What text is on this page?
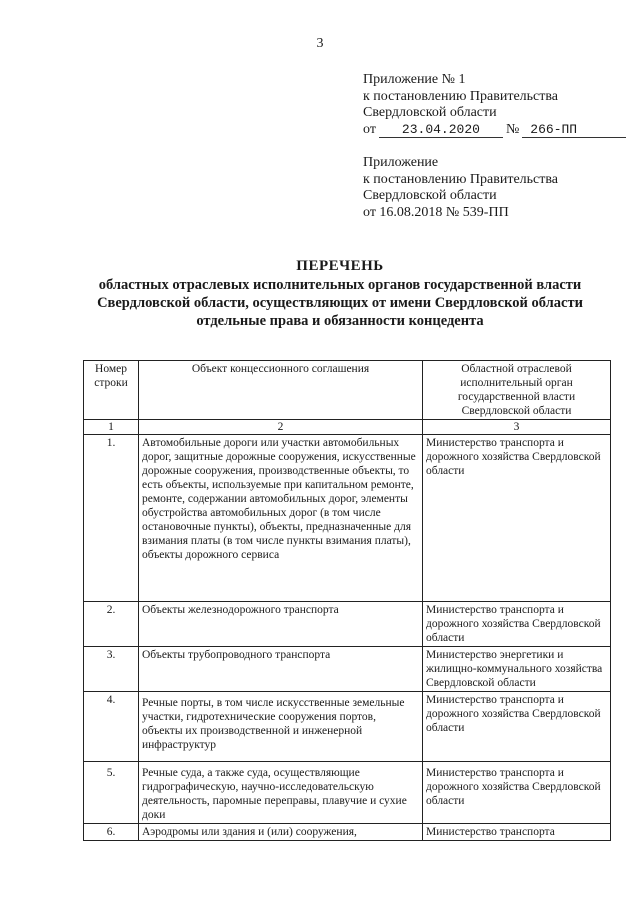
3
Приложение № 1
к постановлению Правительства
Свердловской области
от	23.04.2020	№ 266-ПП
Приложение
к постановлению Правительства
Свердловской области
от 16.08.2018 № 539-ПП
ПЕРЕЧЕНЬ
областных отраслевых исполнительных органов государственной власти
Свердловской области, осуществляющих от имени Свердловской области
отдельные права и обязанности концедента
Номер строки	Объект концессионного соглашения	Областной отраслевой исполнительный орган государственной власти Свердловской области
1	2	3
1.	Автомобильные дороги или участки автомобильных дорог, защитные дорожные сооружения, искусственные дорожные сооружения, производственные объекты, то есть объекты, используемые при капитальном ремонте, ремонте, содержании автомобильных дорог, элементы обустройства автомобильных дорог (в том числе остановочные пункты), объекты, предназначенные для взимания платы (в том числе пункты взимания платы), объекты дорожного сервиса	Министерство транспорта и дорожного хозяйства Свердловской области
2.	Объекты железнодорожного транспорта	Министерство транспорта и дорожного хозяйства Свердловской области
3.	Объекты трубопроводного транспорта	Министерство энергетики и жилищно-коммунального хозяйства Свердловской области
4.	Речные порты, в том числе искусственные земельные участки, гидротехнические сооружения портов, объекты их производственной и инженерной инфраструктур	Министерство транспорта и дорожного хозяйства Свердловской области
5.	Речные суда, а также суда, осуществляющие гидрографическую, научно-исследовательскую деятельность, паромные переправы, плавучие и сухие доки	Министерство транспорта и дорожного хозяйства Свердловской области
6.	Аэродромы или здания и (или) сооружения,	Министерство транспорта
